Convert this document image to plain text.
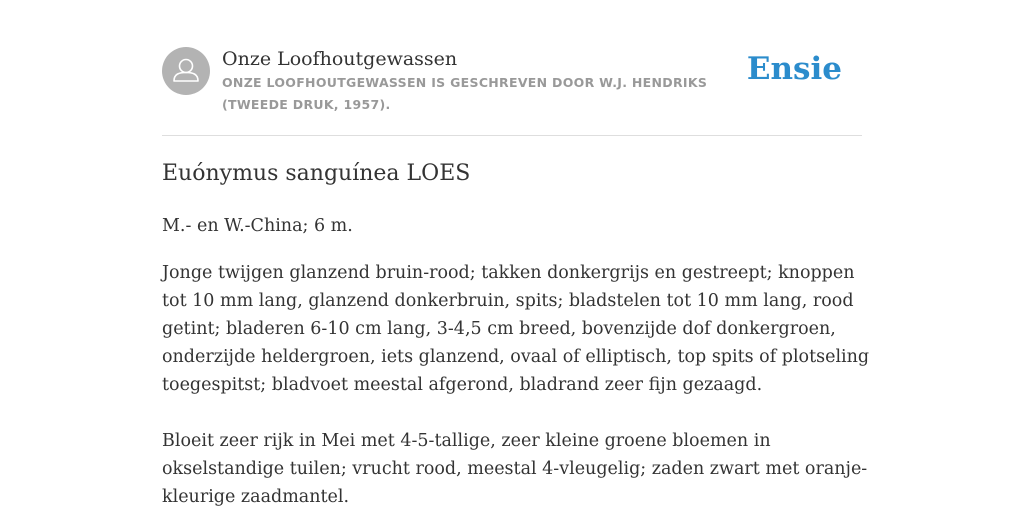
Onze Loofhoutgewassen
ONZE LOOFHOUTGEWASSEN IS GESCHREVEN DOOR W.J. HENDRIKS (TWEEDE DRUK, 1957).
Ensie
Euónymus sanguínea LOES

M.- en W.-China; 6 m.

Jonge twijgen glanzend bruin-rood; takken donkergrijs en gestreept; knoppen tot 10 mm lang, glanzend donkerbruin, spits; bladstelen tot 10 mm lang, rood getint; bladeren 6-10 cm lang, 3-4,5 cm breed, bovenzijde dof donkergroen, onderzijde heldergroen, iets glanzend, ovaal of elliptisch, top spits of plotseling toegespitst; bladvoet meestal afgerond, bladrand zeer fijn gezaagd.

Bloeit zeer rijk in Mei met 4-5-tallige, zeer kleine groene bloemen in okselstandige tuilen; vrucht rood, meestal 4-vleugelig; zaden zwart met oranje-kleurige zaadmantel.
